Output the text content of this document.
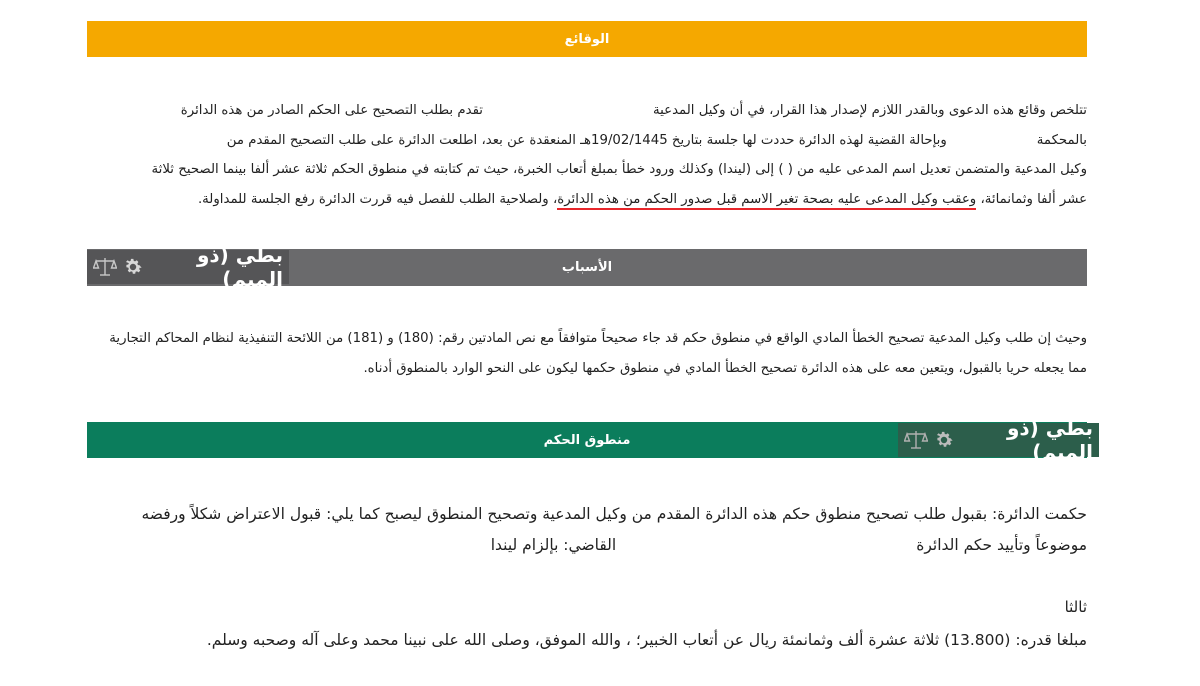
الوقائع
تتلخص وقائع هذه الدعوى وبالقدر اللازم لإصدار هذا القرار، في أن وكيل المدعيةتقدم بطلب التصحيح على الحكم الصادر من هذه الدائرة
بالمحكمةوبإحالة القضية لهذه الدائرة حددت لها جلسة بتاريخ 19/02/1445هـ المنعقدة عن بعد، اطلعت الدائرة على طلب التصحيح المقدم من
وكيل المدعية والمتضمن تعديل اسم المدعى عليه من ( ) إلى (ليندا) وكذلك ورود خطأ بمبلغ أتعاب الخبرة، حيث تم كتابته في منطوق الحكم ثلاثة عشر ألفا بينما الصحيح ثلاثة
عشر ألفا وثمانمائة، وعقب وكيل المدعى عليه بصحة تغير الاسم قبل صدور الحكم من هذه الدائرة، ولصلاحية الطلب للفصل فيه قررت الدائرة رفع الجلسة للمداولة.
الأسباب
بطي (ذو الميم)
وحيث إن طلب وكيل المدعية تصحيح الخطأ المادي الواقع في منطوق حكم قد جاء صحيحاً متوافقاً مع نص المادتين رقم: (180) و (181) من اللائحة التنفيذية لنظام المحاكم التجارية
مما يجعله حريا بالقبول، ويتعين معه على هذه الدائرة تصحيح الخطأ المادي في منطوق حكمها ليكون على النحو الوارد بالمنطوق أدناه.
منطوق الحكم	بطي (ذو الميم)
حكمت الدائرة: بقبول طلب تصحيح منطوق حكم هذه الدائرة المقدم من وكيل المدعية وتصحيح المنطوق ليصبح كما يلي: قبول الاعتراض شكلاً ورفضه
موضوعاً وتأييد حكم الدائرةالقاضي: بإلزام ليندا
ثالثا
مبلغا قدره: (13.800) ثلاثة عشرة ألف وثمانمئة ريال عن أتعاب الخبير؛ ، والله الموفق، وصلى الله على نبينا محمد وعلى آله وصحبه وسلم.
